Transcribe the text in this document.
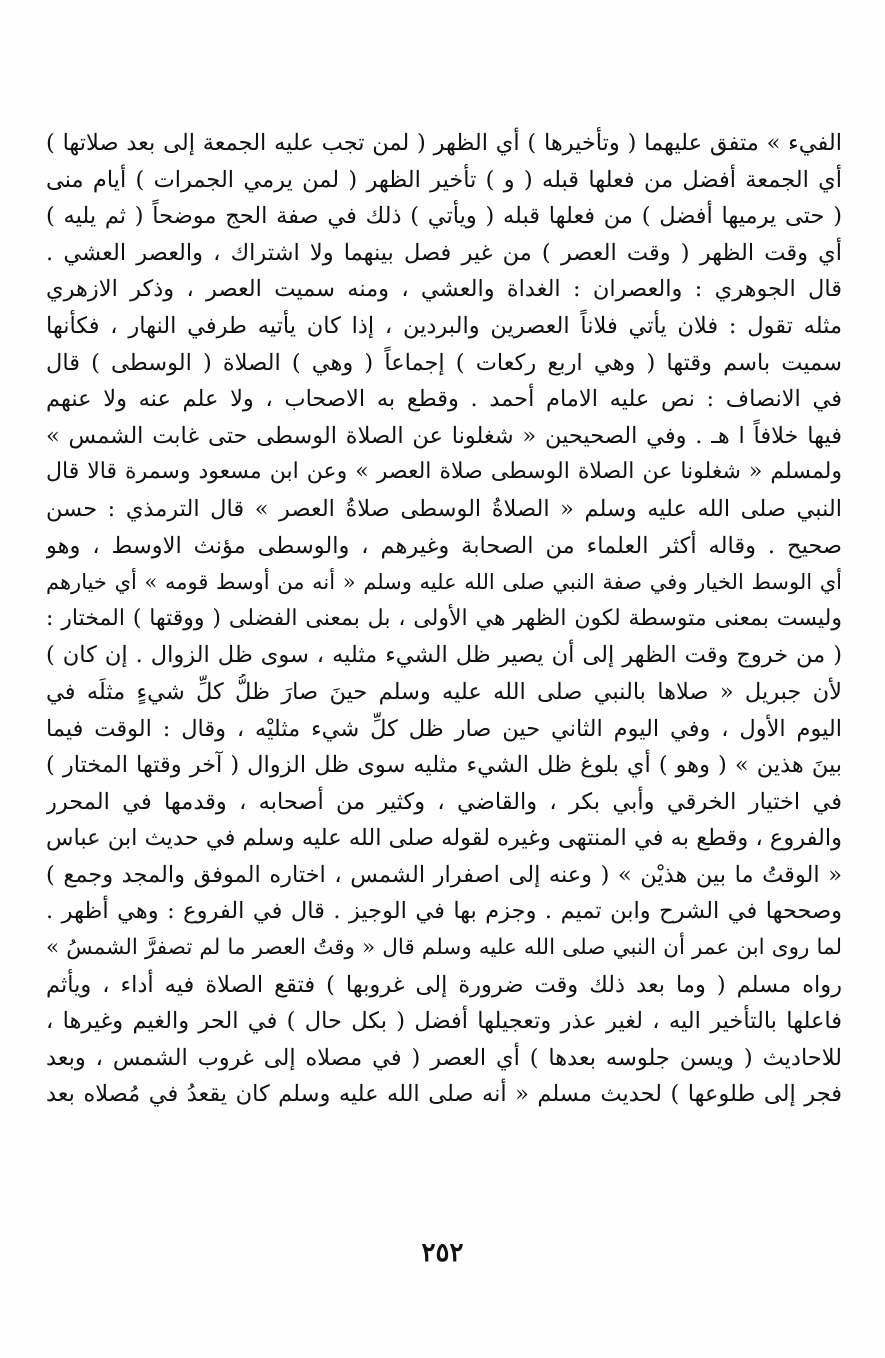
الفيء » متفق عليهما ( وتأخيرها ) أي الظهر ( لمن تجب عليه الجمعة إلى بعد صلاتها )
أي الجمعة أفضل من فعلها قبله ( و ) تأخير الظهر ( لمن يرمي الجمرات ) أيام منى
( حتى يرميها أفضل ) من فعلها قبله ( ويأتي ) ذلك في صفة الحج موضحاً ( ثم يليه )
أي وقت الظهر ( وقت العصر ) من غير فصل بينهما ولا اشتراك ، والعصر العشي .
قال الجوهري : والعصران : الغداة والعشي ، ومنه سميت العصر ، وذكر الازهري
مثله تقول : فلان يأتي فلاناً العصرين والبردين ، إذا كان يأتيه طرفي النهار ، فكأنها
سميت باسم وقتها ( وهي اربع ركعات ) إجماعاً ( وهي ) الصلاة ( الوسطى ) قال
في الانصاف : نص عليه الامام أحمد . وقطع به الاصحاب ، ولا علم عنه ولا عنهم
فيها خلافاً ا هـ . وفي الصحيحين « شغلونا عن الصلاة الوسطى حتى غابت الشمس »
ولمسلم « شغلونا عن الصلاة الوسطى صلاة العصر » وعن ابن مسعود وسمرة قالا قال
النبي صلى الله عليه وسلم « الصلاةُ الوسطى صلاةُ العصر » قال الترمذي : حسن
صحيح . وقاله أكثر العلماء من الصحابة وغيرهم ، والوسطى مؤنث الاوسط ، وهو
أي الوسط الخيار وفي صفة النبي صلى الله عليه وسلم « أنه من أوسط قومه » أي خيارهم
وليست بمعنى متوسطة لكون الظهر هي الأولى ، بل بمعنى الفضلى ( ووقتها ) المختار :
( من خروج وقت الظهر إلى أن يصير ظل الشيء مثليه ، سوى ظل الزوال . إن كان )
لأن جبريل « صلاها بالنبي صلى الله عليه وسلم حينَ صارَ ظلُّ كلِّ شيءٍ مثلَه في
اليوم الأول ، وفي اليوم الثاني حين صار ظل كلِّ شيء مثليْه ، وقال : الوقت فيما
بينَ هذين » ( وهو ) أي بلوغ ظل الشيء مثليه سوى ظل الزوال ( آخر وقتها المختار )
في اختيار الخرقي وأبي بكر ، والقاضي ، وكثير من أصحابه ، وقدمها في المحرر
والفروع ، وقطع به في المنتهى وغيره لقوله صلى الله عليه وسلم في حديث ابن عباس
« الوقتُ ما بين هذيْن » ( وعنه إلى اصفرار الشمس ، اختاره الموفق والمجد وجمع )
وصححها في الشرح وابن تميم . وجزم بها في الوجيز . قال في الفروع : وهي أظهر .
لما روى ابن عمر أن النبي صلى الله عليه وسلم قال « وقتُ العصر ما لم تصفرَّ الشمسُ »
رواه مسلم ( وما بعد ذلك وقت ضرورة إلى غروبها ) فتقع الصلاة فيه أداء ، ويأثم
فاعلها بالتأخير اليه ، لغير عذر وتعجيلها أفضل ( بكل حال ) في الحر والغيم وغيرها ،
للاحاديث ( ويسن جلوسه بعدها ) أي العصر ( في مصلاه إلى غروب الشمس ، وبعد
فجر إلى طلوعها ) لحديث مسلم « أنه صلى الله عليه وسلم كان يقعدُ في مُصلاه بعد
٢٥٢
